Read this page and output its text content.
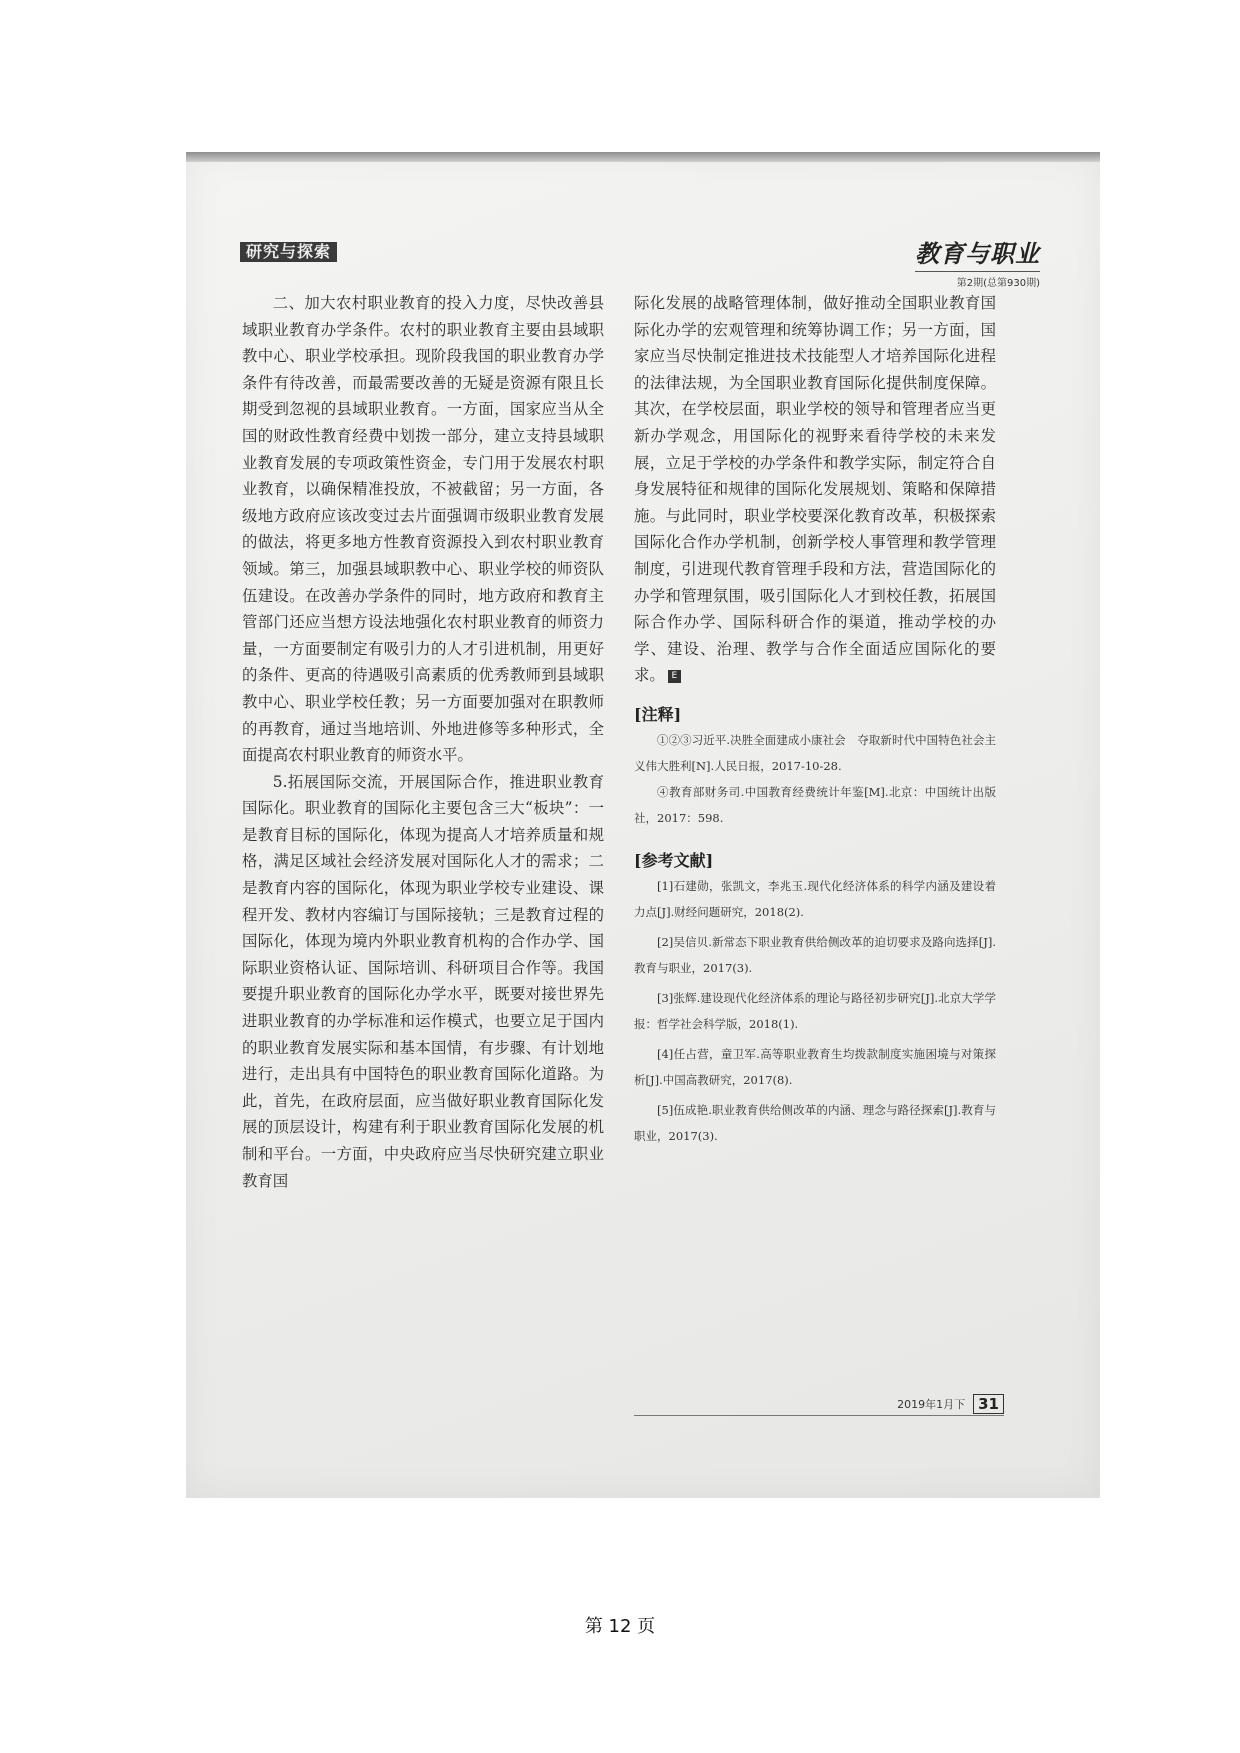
研究与探索	教育与职业
第2期(总第930期)

二、加大农村职业教育的投入力度，尽快改善县域职业教育办学条件。农村的职业教育主要由县域职教中心、职业学校承担。现阶段我国的职业教育办学条件有待改善，而最需要改善的无疑是资源有限且长期受到忽视的县域职业教育。一方面，国家应当从全国的财政性教育经费中划拨一部分，建立支持县域职业教育发展的专项政策性资金，专门用于发展农村职业教育，以确保精准投放，不被截留；另一方面，各级地方政府应该改变过去片面强调市级职业教育发展的做法，将更多地方性教育资源投入到农村职业教育领域。第三，加强县域职教中心、职业学校的师资队伍建设。在改善办学条件的同时，地方政府和教育主管部门还应当想方设法地强化农村职业教育的师资力量，一方面要制定有吸引力的人才引进机制，用更好的条件、更高的待遇吸引高素质的优秀教师到县域职教中心、职业学校任教；另一方面要加强对在职教师的再教育，通过当地培训、外地进修等多种形式，全面提高农村职业教育的师资水平。

5.拓展国际交流，开展国际合作，推进职业教育国际化。职业教育的国际化主要包含三大“板块”：一是教育目标的国际化，体现为提高人才培养质量和规格，满足区域社会经济发展对国际化人才的需求；二是教育内容的国际化，体现为职业学校专业建设、课程开发、教材内容编订与国际接轨；三是教育过程的国际化，体现为境内外职业教育机构的合作办学、国际职业资格认证、国际培训、科研项目合作等。我国要提升职业教育的国际化办学水平，既要对接世界先进职业教育的办学标准和运作模式，也要立足于国内的职业教育发展实际和基本国情，有步骤、有计划地进行，走出具有中国特色的职业教育国际化道路。为此，首先，在政府层面，应当做好职业教育国际化发展的顶层设计，构建有利于职业教育国际化发展的机制和平台。一方面，中央政府应当尽快研究建立职业教育国

际化发展的战略管理体制，做好推动全国职业教育国际化办学的宏观管理和统筹协调工作；另一方面，国家应当尽快制定推进技术技能型人才培养国际化进程的法律法规，为全国职业教育国际化提供制度保障。其次，在学校层面，职业学校的领导和管理者应当更新办学观念，用国际化的视野来看待学校的未来发展，立足于学校的办学条件和教学实际，制定符合自身发展特征和规律的国际化发展规划、策略和保障措施。与此同时，职业学校要深化教育改革，积极探索国际化合作办学机制，创新学校人事管理和教学管理制度，引进现代教育管理手段和方法，营造国际化的办学和管理氛围，吸引国际化人才到校任教，拓展国际合作办学、国际科研合作的渠道，推动学校的办学、建设、治理、教学与合作全面适应国际化的要求。 E

[注释]
①②③习近平.决胜全面建成小康社会　夺取新时代中国特色社会主义伟大胜利[N].人民日报，2017-10-28.
④教育部财务司.中国教育经费统计年鉴[M].北京：中国统计出版社，2017：598.
[参考文献]
[1]石建勋，张凯文，李兆玉.现代化经济体系的科学内涵及建设着力点[J].财经问题研究，2018(2).
[2]吴信贝.新常态下职业教育供给侧改革的迫切要求及路向选择[J].教育与职业，2017(3).
[3]张辉.建设现代化经济体系的理论与路径初步研究[J].北京大学学报：哲学社会科学版，2018(1).
[4]任占营，童卫军.高等职业教育生均拨款制度实施困境与对策探析[J].中国高教研究，2017(8).
[5]伍成艳.职业教育供给侧改革的内涵、理念与路径探索[J].教育与职业，2017(3).
2019年1月下 31
第 12 页
